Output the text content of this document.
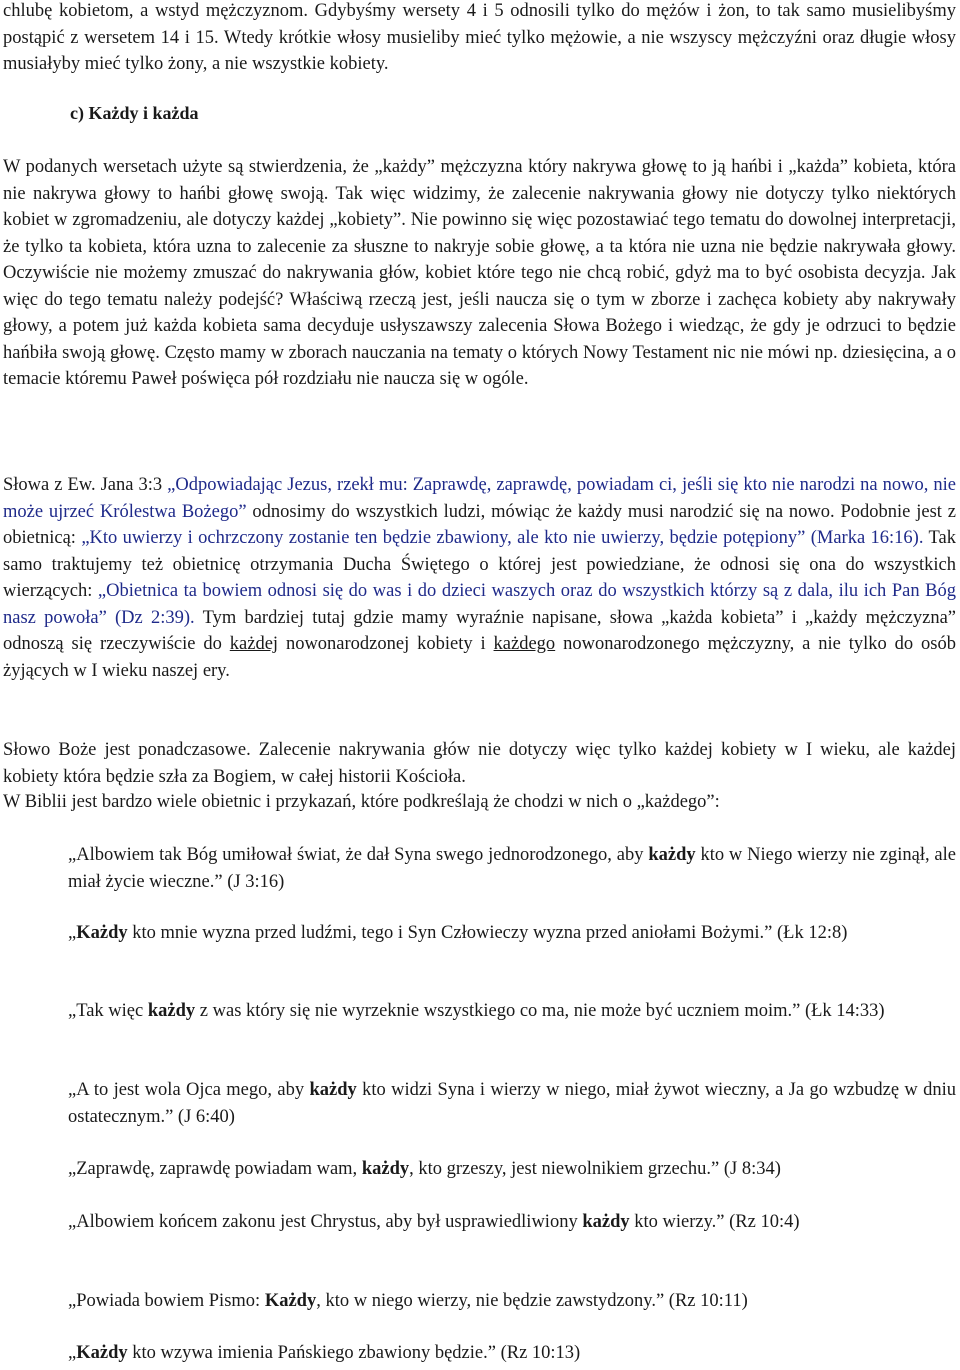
chlubę kobietom, a wstyd mężczyznom. Gdybyśmy wersety 4 i 5 odnosili tylko do mężów i żon, to tak samo musielibyśmy postąpić z wersetem 14 i 15. Wtedy krótkie włosy musieliby mieć tylko mężowie, a nie wszyscy mężczyźni oraz długie włosy musiałyby mieć tylko żony, a nie wszystkie kobiety.

c) Każdy i każda

W podanych wersetach użyte są stwierdzenia, że „każdy” mężczyzna który nakrywa głowę to ją hańbi i „każda” kobieta, która nie nakrywa głowy to hańbi głowę swoją. Tak więc widzimy, że zalecenie nakrywania głowy nie dotyczy tylko niektórych kobiet w zgromadzeniu, ale dotyczy każdej „kobiety”. Nie powinno się więc pozostawiać tego tematu do dowolnej interpretacji, że tylko ta kobieta, która uzna to zalecenie za słuszne to nakryje sobie głowę, a ta która nie uzna nie będzie nakrywała głowy. Oczywiście nie możemy zmuszać do nakrywania głów, kobiet które tego nie chcą robić, gdyż ma to być osobista decyzja. Jak więc do tego tematu należy podejść? Właściwą rzeczą jest, jeśli naucza się o tym w zborze i zachęca kobiety aby nakrywały głowy, a potem już każda kobieta sama decyduje usłyszawszy zalecenia Słowa Bożego i wiedząc, że gdy je odrzuci to będzie hańbiła swoją głowę. Często mamy w zborach nauczania na tematy o których Nowy Testament nic nie mówi np. dziesięcina, a o temacie któremu Paweł poświęca pół rozdziału nie naucza się w ogóle.

Słowa z Ew. Jana 3:3 „Odpowiadając Jezus, rzekł mu: Zaprawdę, zaprawdę, powiadam ci, jeśli się kto nie narodzi na nowo, nie może ujrzeć Królestwa Bożego” odnosimy do wszystkich ludzi, mówiąc że każdy musi narodzić się na nowo. Podobnie jest z obietnicą: „Kto uwierzy i ochrzczony zostanie ten będzie zbawiony, ale kto nie uwierzy, będzie potępiony” (Marka 16:16). Tak samo traktujemy też obietnicę otrzymania Ducha Świętego o której jest powiedziane, że odnosi się ona do wszystkich wierzących: „Obietnica ta bowiem odnosi się do was i do dzieci waszych oraz do wszystkich którzy są z dala, ilu ich Pan Bóg nasz powoła” (Dz 2:39). Tym bardziej tutaj gdzie mamy wyraźnie napisane, słowa „każda kobieta” i „każdy mężczyzna” odnoszą się rzeczywiście do każdej nowonarodzonej kobiety i każdego nowonarodzonego mężczyzny, a nie tylko do osób żyjących w I wieku naszej ery.

Słowo Boże jest ponadczasowe. Zalecenie nakrywania głów nie dotyczy więc tylko każdej kobiety w I wieku, ale każdej kobiety która będzie szła za Bogiem, w całej historii Kościoła.

W Biblii jest bardzo wiele obietnic i przykazań, które podkreślają że chodzi w nich o „każdego”:

„Albowiem tak Bóg umiłował świat, że dał Syna swego jednorodzonego, aby każdy kto w Niego wierzy nie zginął, ale miał życie wieczne.” (J 3:16)

„Każdy kto mnie wyzna przed ludźmi, tego i Syn Człowieczy wyzna przed aniołami Bożymi.” (Łk 12:8)

„Tak więc każdy z was który się nie wyrzeknie wszystkiego co ma, nie może być uczniem moim.” (Łk 14:33)

„A to jest wola Ojca mego, aby każdy kto widzi Syna i wierzy w niego, miał żywot wieczny, a Ja go wzbudzę w dniu ostatecznym.” (J 6:40)

„Zaprawdę, zaprawdę powiadam wam, każdy, kto grzeszy, jest niewolnikiem grzechu.” (J 8:34)

„Albowiem końcem zakonu jest Chrystus, aby był usprawiedliwiony każdy kto wierzy.” (Rz 10:4)

„Powiada bowiem Pismo: Każdy, kto w niego wierzy, nie będzie zawstydzony.” (Rz 10:11)

„Każdy kto wzywa imienia Pańskiego zbawiony będzie.” (Rz 10:13)
